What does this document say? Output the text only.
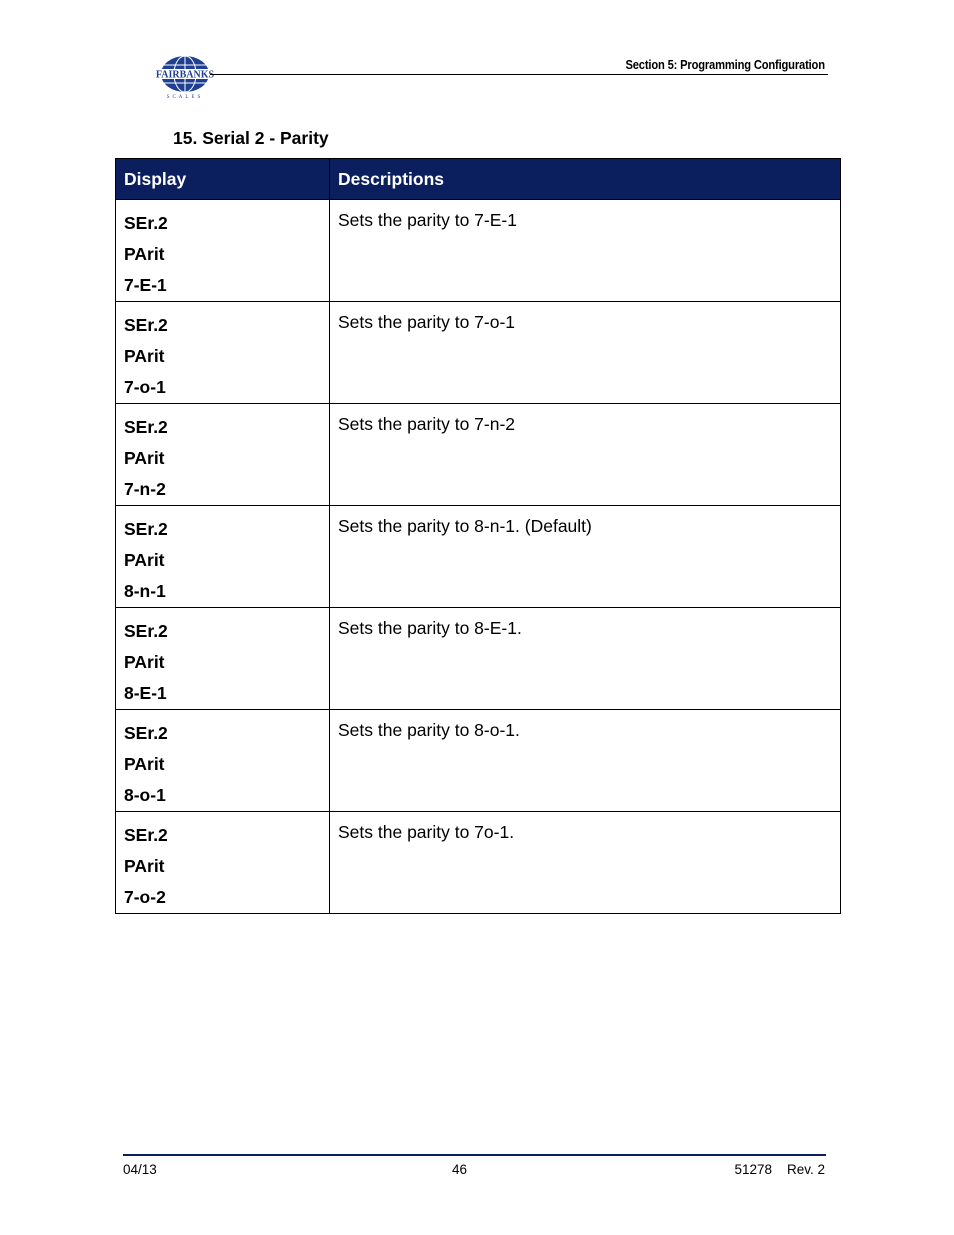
FAIRBANKS
SCALES
Section 5: Programming Configuration
15. Serial 2 - Parity
Display	Descriptions

SEr.2
PArit
7-E-1	Sets the parity to 7-E-1

SEr.2
PArit
7-o-1	Sets the parity to 7-o-1

SEr.2
PArit
7-n-2	Sets the parity to 7-n-2

SEr.2
PArit
8-n-1	Sets the parity to 8-n-1. (Default)

SEr.2
PArit
8-E-1	Sets the parity to 8-E-1.

SEr.2
PArit
8-o-1	Sets the parity to 8-o-1.

SEr.2
PArit
7-o-2	Sets the parity to 7o-1.
04/13	46	51278    Rev. 2
